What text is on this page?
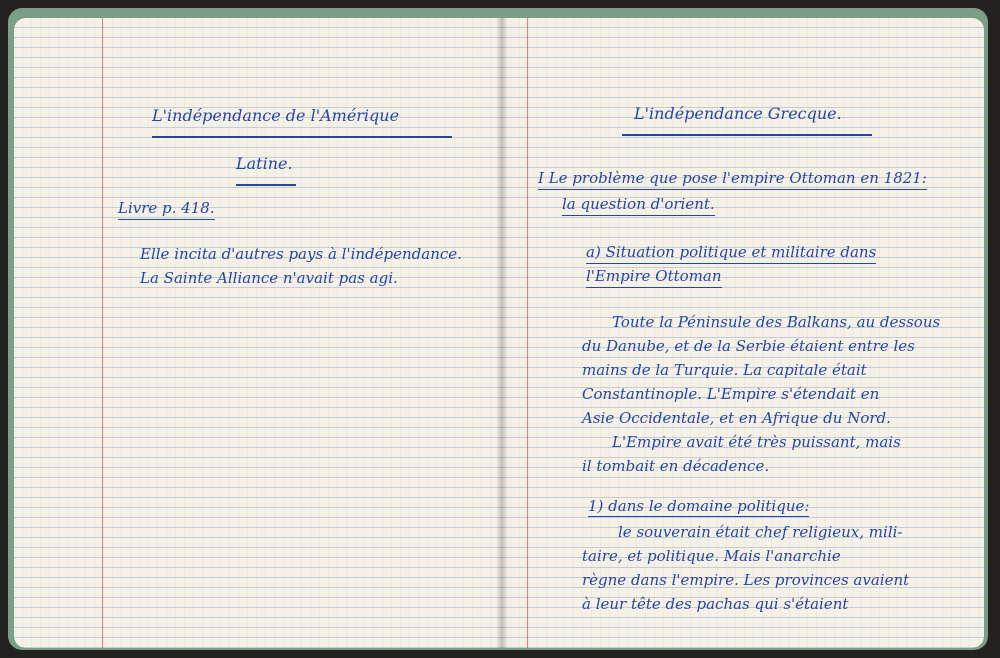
L'indépendance de l'Amérique
Latine.
Livre p. 418.
Elle incita d'autres pays à l'indépendance.
La Sainte Alliance n'avait pas agi.
L'indépendance Grecque.
I Le problème que pose l'empire Ottoman en 1821:
la question d'orient.
a) Situation politique et militaire dans
l'Empire Ottoman
Toute la Péninsule des Balkans, au dessous
du Danube, et de la Serbie étaient entre les
mains de la Turquie. La capitale était
Constantinople. L'Empire s'étendait en
Asie Occidentale, et en Afrique du Nord.
L'Empire avait été très puissant, mais
il tombait en décadence.
1) dans le domaine politique:
le souverain était chef religieux, mili-
taire, et politique. Mais l'anarchie
règne dans l'empire. Les provinces avaient
à leur tête des pachas qui s'étaient
